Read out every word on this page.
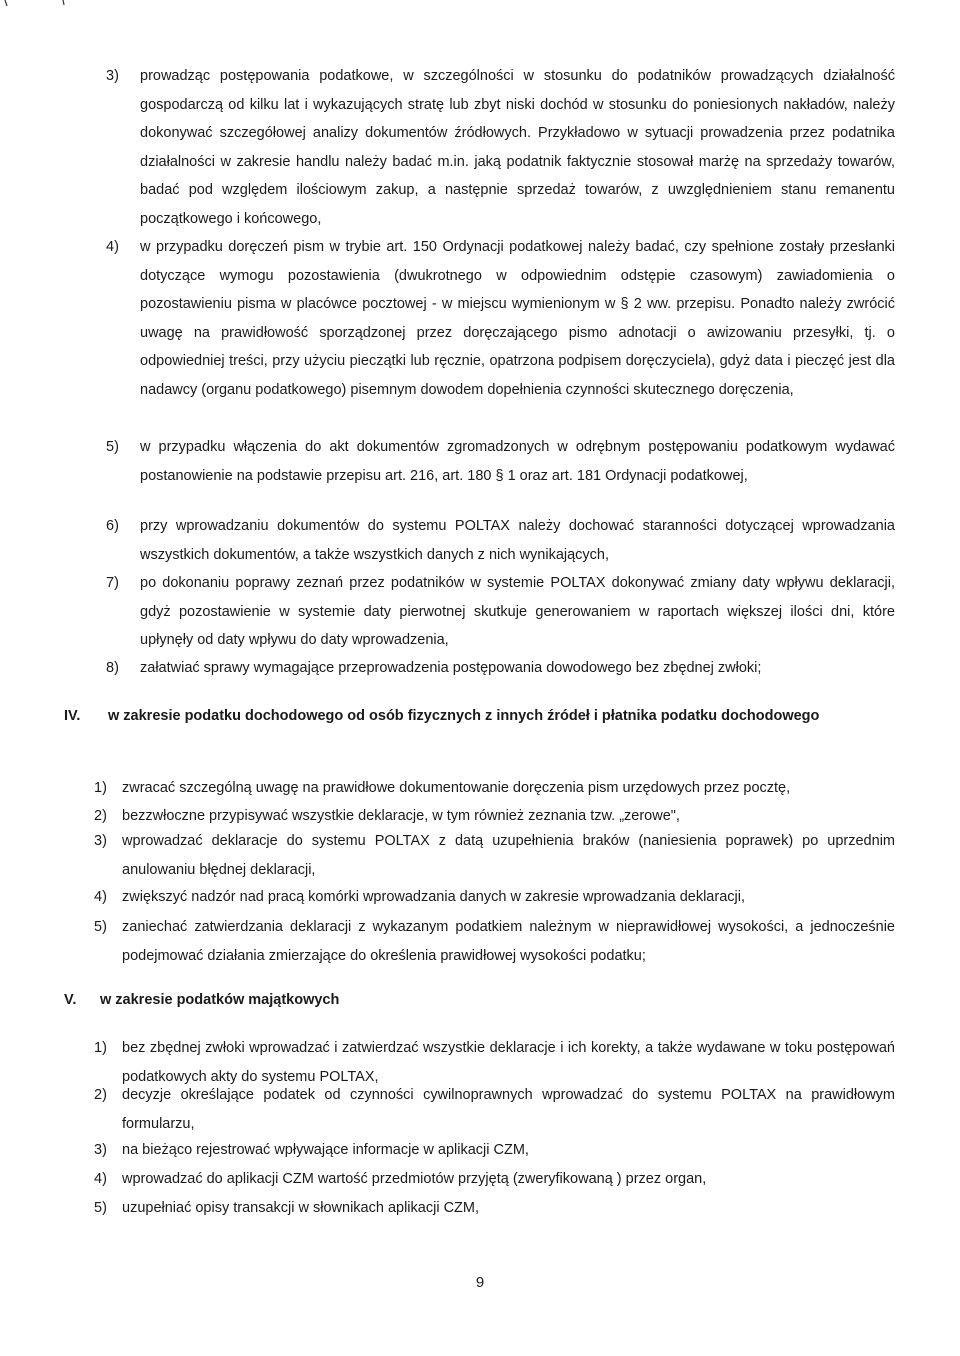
3) prowadząc postępowania podatkowe, w szczególności w stosunku do podatników prowadzących działalność gospodarczą od kilku lat i wykazujących stratę lub zbyt niski dochód w stosunku do poniesionych nakładów, należy dokonywać szczegółowej analizy dokumentów źródłowych. Przykładowo w sytuacji prowadzenia przez podatnika działalności w zakresie handlu należy badać m.in. jaką podatnik faktycznie stosował marżę na sprzedaży towarów, badać pod względem ilościowym zakup, a następnie sprzedaż towarów, z uwzględnieniem stanu remanentu początkowego i końcowego,
4) w przypadku doręczeń pism w trybie art. 150 Ordynacji podatkowej należy badać, czy spełnione zostały przesłanki dotyczące wymogu pozostawienia (dwukrotnego w odpowiednim odstępie czasowym) zawiadomienia o pozostawieniu pisma w placówce pocztowej - w miejscu wymienionym w § 2 ww. przepisu. Ponadto należy zwrócić uwagę na prawidłowość sporządzonej przez doręczającego pismo adnotacji o awizowaniu przesyłki, tj. o odpowiedniej treści, przy użyciu pieczątki lub ręcznie, opatrzona podpisem doręczyciela), gdyż data i pieczęć jest dla nadawcy (organu podatkowego) pisemnym dowodem dopełnienia czynności skutecznego doręczenia,
5) w przypadku włączenia do akt dokumentów zgromadzonych w odrębnym postępowaniu podatkowym wydawać postanowienie na podstawie przepisu art. 216, art. 180 § 1 oraz art. 181 Ordynacji podatkowej,
6) przy wprowadzaniu dokumentów do systemu POLTAX należy dochować staranności dotyczącej wprowadzania wszystkich dokumentów, a także wszystkich danych z nich wynikających,
7) po dokonaniu poprawy zeznań przez podatników w systemie POLTAX dokonywać zmiany daty wpływu deklaracji, gdyż pozostawienie w systemie daty pierwotnej skutkuje generowaniem w raportach większej ilości dni, które upłynęły od daty wpływu do daty wprowadzenia,
8) załatwiać sprawy wymagające przeprowadzenia postępowania dowodowego bez zbędnej zwłoki;
IV. w zakresie podatku dochodowego od osób fizycznych z innych źródeł i płatnika podatku dochodowego
1) zwracać szczególną uwagę na prawidłowe dokumentowanie doręczenia pism urzędowych przez pocztę,
2) bezzwłoczne przypisywać wszystkie deklaracje, w tym również zeznania tzw. „zerowe",
3) wprowadzać deklaracje do systemu POLTAX z datą uzupełnienia braków (naniesienia poprawek) po uprzednim anulowaniu błędnej deklaracji,
4) zwiększyć nadzór nad pracą komórki wprowadzania danych w zakresie wprowadzania deklaracji,
5) zaniechać zatwierdzania deklaracji z wykazanym podatkiem należnym w nieprawidłowej wysokości, a jednocześnie podejmować działania zmierzające do określenia prawidłowej wysokości podatku;
V. w zakresie podatków majątkowych
1) bez zbędnej zwłoki wprowadzać i zatwierdzać wszystkie deklaracje i ich korekty, a także wydawane w toku postępowań podatkowych akty do systemu POLTAX,
2) decyzje określające podatek od czynności cywilnoprawnych wprowadzać do systemu POLTAX na prawidłowym formularzu,
3) na bieżąco rejestrować wpływające informacje w aplikacji CZM,
4) wprowadzać do aplikacji CZM wartość przedmiotów przyjętą (zweryfikowaną ) przez organ,
5) uzupełniać opisy transakcji w słownikach aplikacji CZM,
9
